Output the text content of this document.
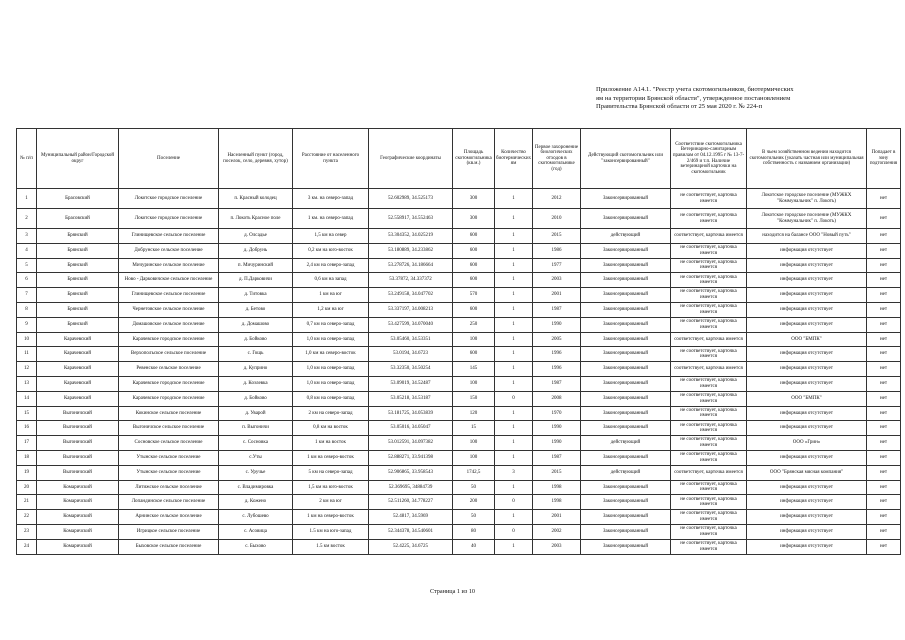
Приложение А14.1. "Реестр учета скотомогильников, биотермических

ям на территории Брянской области", утвержденное постановлением

Правительства Брянской области от 25 мая 2020 г. № 224-п

№ п/п	Муниципальный район/Городской округ	Поселение	Населенный пункт (город, поселок, село, деревня, хутор)	Расстояние от населенного пункта	Географические координаты	Площадь скотомогильника (кв.м.)	Количество биотермических ям	Первое захоронение биологических отходов в скотомогильнике (год)	Действующий скотомогильник или "законсервированный"	Соответствие скотомогильника Ветеринарно-санитарным правилам от 04.12.1995 г № 13-7-2/469 и т.п. Наличие ветеринарной карточки на скотомогильник	В чьем хозяйственном ведении находится скотомогильник (указать частная или муниципальная собственность с названием организации)	Попадает в зону подтопления
1	Брасовский	Локотское городское поселение	п. Красный колодец	3 км. на северо-запад	52.602989, 34.525173	300	1	2012	Законсервированный	не соответствует, карточка имеется	Локотское городское поселение (МУЖКХ "Коммунальник" п. Локоть)	нет
2	Брасовский	Локотское городское поселение	п. Локоть Красное поле	1 км. на северо-запад	52.558917, 34.552463	300	1	2010	Законсервированный	не соответствует, карточка имеется	Локотское городское поселение (МУЖКХ "Коммунальник" п. Локоть)	нет
3	Брянский	Глинищевское сельское поселение	д. Олсадье	1,5 км на север	53.304352, 34.025219	600	1	2015	действующий	соответствует, карточка имеется	находится на балансе ООО "Новый путь"	нет
4	Брянский	Добрунское сельское поселение	д. Добрунь	0,2 км на юго-восток	53.180889, 34.233862	600	1	1986	Законсервированный	не соответствует, карточка имеется	информация отсутствует	нет
5	Брянский	Мичуринское сельское поселение	п. Мичуринский	2,4 км на северо-запад	53.278726, 34.186664	600	1	1977	Законсервированный	не соответствует, карточка имеется	информация отсутствует	нет
6	Брянский	Ново - Дарковичское сельское поселение	д. П.Дарковичи	0,6 км на запад	53.37872, 34.337372	600	1	2003	Законсервированный	не соответствует, карточка имеется	информация отсутствует	нет
7	Брянский	Глинищевское сельское поселение	д. Титовка	1 км на юг	53.249158, 34.047702	570	1	2001	Законсервированный	не соответствует, карточка имеется	информация отсутствует	нет
8	Брянский	Чернетовское сельское поселение	д. Бетово	1,2 км на юг	53.337197, 34.008213	600	1	1987	Законсервированный	не соответствует, карточка имеется	информация отсутствует	нет
9	Брянский	Домашовское сельское поселение	д. Домашово	0,7 км на северо-запад	53.427599, 34.070040	250	1	1990	Законсервированный	не соответствует, карточка имеется	информация отсутствует	нет
10	Карачевский	Карачевское городское поселение	д. Бойково	1,0 км на северо-запад	53.05460, 34.53351	100	1	2005	Законсервированный	соответствует, карточка имеется	ООО "БМПК"	нет
11	Карачевский	Верхополъское сельское поселение	с. Гощь	1,0 км на северо-восток	53.0194, 34.6723	600	1	1996	Законсервированный	не соответствует, карточка имеется	информация отсутствует	нет
12	Карачевский	Ревенское сельское поселение	д. Куприно	1,0 км на северо-запад	53.32350, 34.50254	145	1	1996	Законсервированный	соответствует, карточка имеется	информация отсутствует	нет
13	Карачевский	Карачевское городское поселение	д. Козлевка	1,0 км на северо-запад	53.09019, 34.52487	100	1	1987	Законсервированный	не соответствует, карточка имеется	информация отсутствует	нет
14	Карачевский	Карачевское городское поселение	д. Бойково	0,8 км на северо-запад	53.05218, 34.53187	150	0	2008	Законсервированный	не соответствует, карточка имеется	ООО "БМПК"	нет
15	Выгоничский	Кокинское сельское поселение	д. Уварой	2 км на северо-запад	53.181725, 34.053839	120	1	1970	Законсервированный	не соответствует, карточка имеется	информация отсутствует	нет
16	Выгоничский	Выгоничское сельское поселение	п. Выгоничи	0,8 км на восток	53.05016, 34.05047	15	1	1990	Законсервированный	не соответствует, карточка имеется	информация отсутствует	нет
17	Выгоничский	Сосновское сельское поселение	с. Сосновка	1 км на восток	53.012591, 34.097382	100	1	1990	действующий	не соответствует, карточка имеется	ООО «Грин»	нет
18	Выгоничский	Утынское сельское поселение	с.Уты	1 км на северо-восток	52.888271, 33.941398	100	1	1987	Законсервированный	не соответствует, карточка имеется	информация отсутствует	нет
19	Выгоничский	Утынское сельское поселение	с. Уручье	5 км на северо-запад	52.906865, 33.958543	1742,5	3	2015	действующий	соответствует, карточка имеется	ООО "Брянская мясная компания"	нет
20	Комаричский	Литижское сельское поселение	с. Владимировка	1,5 км на юго-восток	52.369695, 34884739	50	1	1998	Законсервированный	не соответствует, карточка имеется	информация отсутствует	нет
21	Комаричский	Лопандинское сельское поселение	д. Кожено	2 км на юг	52.511260, 34.778227	200	0	1998	Законсервированный	не соответствует, карточка имеется	информация отсутствует	нет
22	Комаричский	Арнинское сельское поселение	с. Лубошево	1 км на северо-восток	52.4817, 34.5969	50	1	2001	Законсервированный	не соответствует, карточка имеется	информация отсутствует	нет
23	Комаричский	Игрицкое сельское поселение	с. Асовица	1.5 км на юго-запад	52.344378, 34.540601	80	0	2002	Законсервированный	не соответствует, карточка имеется	информация отсутствует	нет
24	Комаричский	Быховское сельское поселение	с. Быхово	1.5 км восток	52.4225, 34.6725	40	1	2003	Законсервированный	не соответствует, карточка имеется	информация отсутствует	нет
Страница 1 из 10
